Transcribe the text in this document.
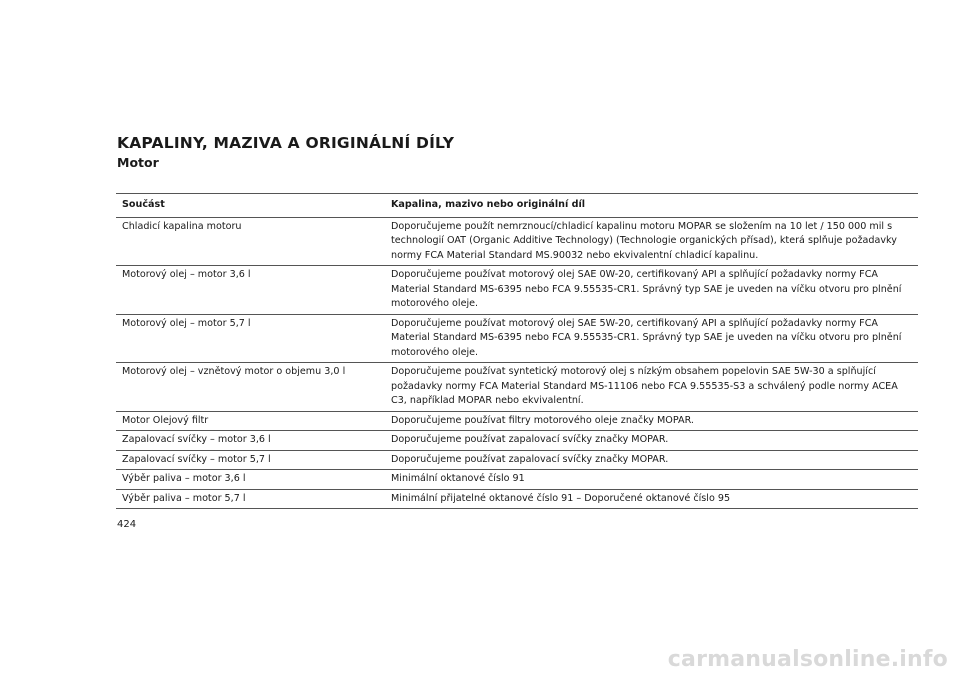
KAPALINY, MAZIVA A ORIGINÁLNÍ DÍLY
Motor
Součást	Kapalina, mazivo nebo originální díl
Chladicí kapalina motoru	Doporučujeme použít nemrznoucí/chladicí kapalinu motoru MOPAR se složením na 10 let / 150 000 mil s technologií OAT (Organic Additive Technology) (Technologie organických přísad), která splňuje požadavky normy FCA Material Standard MS.90032 nebo ekvivalentní chladicí kapalinu.
Motorový olej – motor 3,6 l	Doporučujeme používat motorový olej SAE 0W-20, certifikovaný API a splňující požadavky normy FCA Material Standard MS-6395 nebo FCA 9.55535-CR1. Správný typ SAE je uveden na víčku otvoru pro plnění motorového oleje.
Motorový olej – motor 5,7 l	Doporučujeme používat motorový olej SAE 5W-20, certifikovaný API a splňující požadavky normy FCA Material Standard MS-6395 nebo FCA 9.55535-CR1. Správný typ SAE je uveden na víčku otvoru pro plnění motorového oleje.
Motorový olej – vznětový motor o objemu 3,0 l	Doporučujeme používat syntetický motorový olej s nízkým obsahem popelovin SAE 5W-30 a splňující požadavky normy FCA Material Standard MS-11106 nebo FCA 9.55535-S3 a schválený podle normy ACEA C3, například MOPAR nebo ekvivalentní.
Motor Olejový filtr	Doporučujeme používat filtry motorového oleje značky MOPAR.
Zapalovací svíčky – motor 3,6 l	Doporučujeme používat zapalovací svíčky značky MOPAR.
Zapalovací svíčky – motor 5,7 l	Doporučujeme používat zapalovací svíčky značky MOPAR.
Výběr paliva – motor 3,6 l	Minimální oktanové číslo 91
Výběr paliva – motor 5,7 l	Minimální přijatelné oktanové číslo 91 – Doporučené oktanové číslo 95

424

carmanualsonline.info
